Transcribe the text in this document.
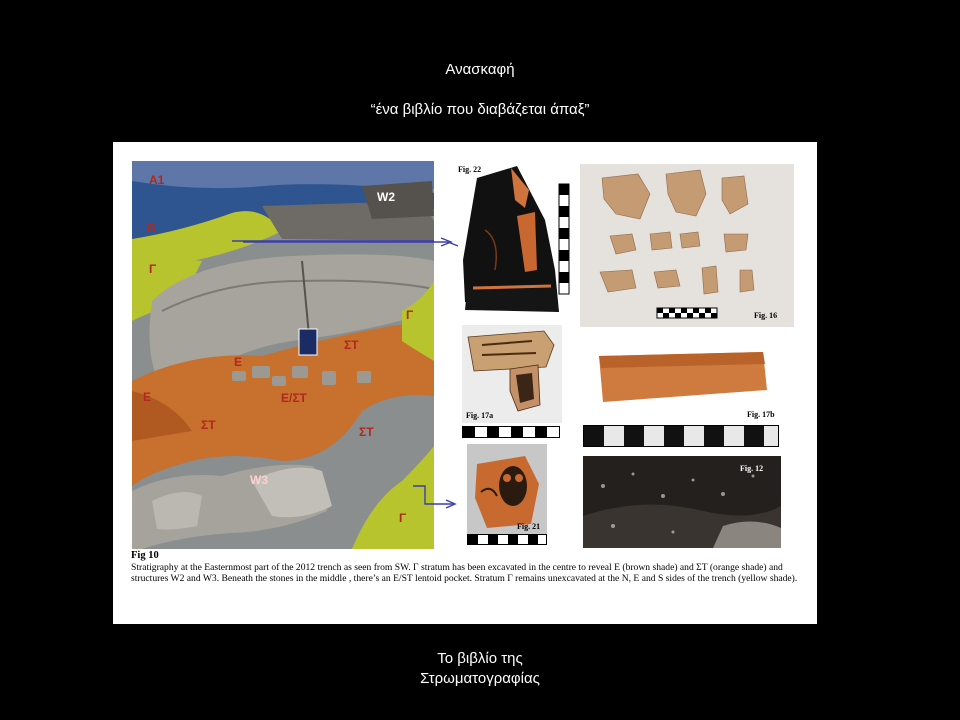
Ανασκαφή
“ένα βιβλίο που διαβάζεται άπαξ”
A1
B
Γ
E
E
ΣΤ
E/ΣΤ
ΣΤ	ΣΤ
Γ
Γ
W2
W3
Fig. 22
Fig. 16
Fig. 17a	Fig. 17b
Fig. 12
Fig. 21
Fig 10
Stratigraphy at the Easternmost part of the 2012 trench as seen from SW. Γ stratum has been excavated in the centre to reveal E (brown shade) and ΣΤ (orange shade) and structures W2 and W3. Beneath the stones in the middle , there’s an E/ST lentoid pocket. Stratum Γ remains unexcavated at the N, E and S sides of the trench (yellow shade).
Το βιβλίο της
Στρωματογραφίας
